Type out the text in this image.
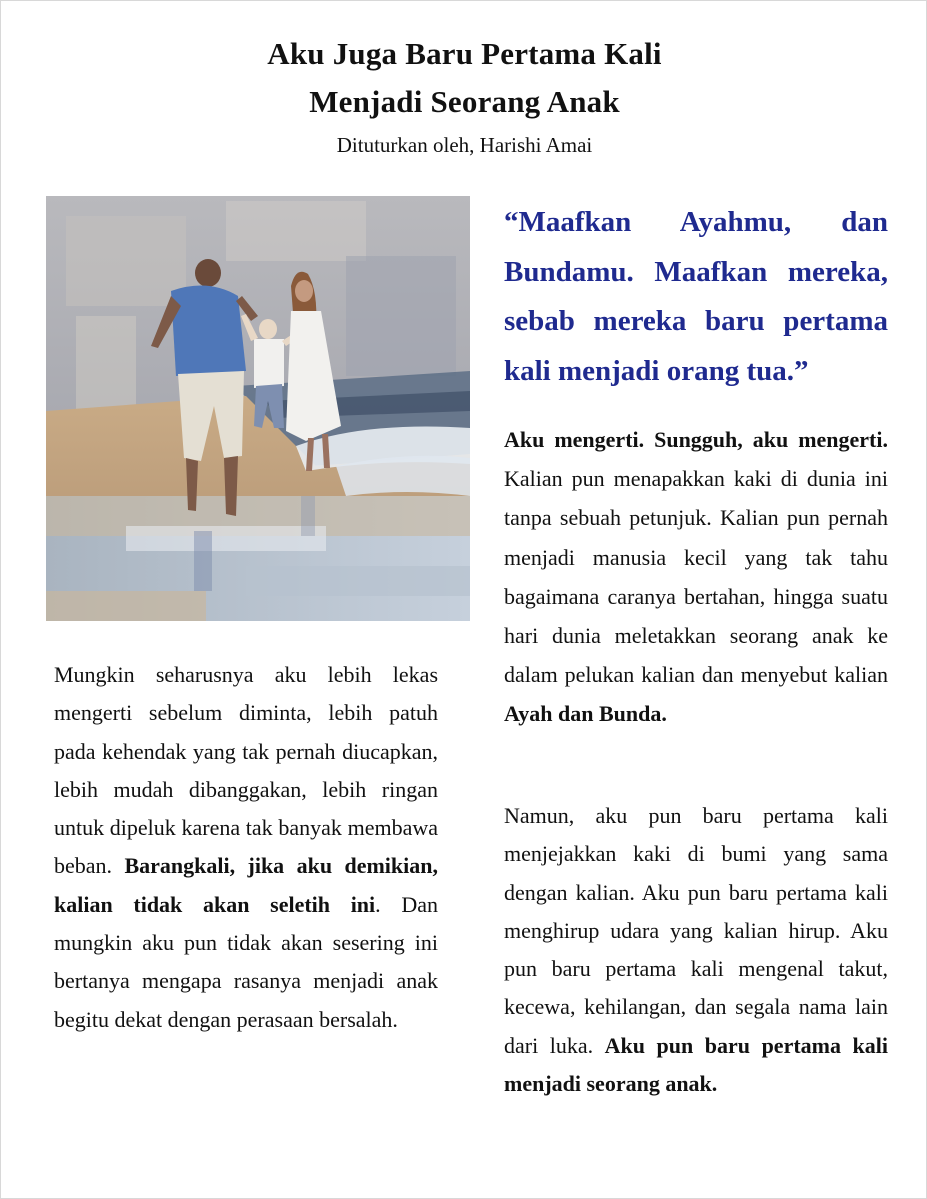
Aku Juga Baru Pertama Kali
Menjadi Seorang Anak
Dituturkan oleh, Harishi Amai
Mungkin seharusnya aku lebih lekas mengerti sebelum diminta, lebih patuh pada kehendak yang tak pernah diucapkan, lebih mudah dibanggakan, lebih ringan untuk dipeluk karena tak banyak membawa beban. Barangkali, jika aku demikian, kalian tidak akan seletih ini. Dan mungkin aku pun tidak akan sesering ini bertanya mengapa rasanya menjadi anak begitu dekat dengan perasaan bersalah.
“Maafkan Ayahmu, dan Bundamu. Maafkan mereka, sebab mereka baru pertama kali menjadi orang tua.”
Aku mengerti. Sungguh, aku mengerti. Kalian pun menapakkan kaki di dunia ini tanpa sebuah petunjuk. Kalian pun pernah menjadi manusia kecil yang tak tahu bagaimana caranya bertahan, hingga suatu hari dunia meletakkan seorang anak ke dalam pelukan kalian dan menyebut kalian Ayah dan Bunda.
Namun, aku pun baru pertama kali menjejakkan kaki di bumi yang sama dengan kalian. Aku pun baru pertama kali menghirup udara yang kalian hirup. Aku pun baru pertama kali mengenal takut, kecewa, kehilangan, dan segala nama lain dari luka. Aku pun baru pertama kali menjadi seorang anak.
